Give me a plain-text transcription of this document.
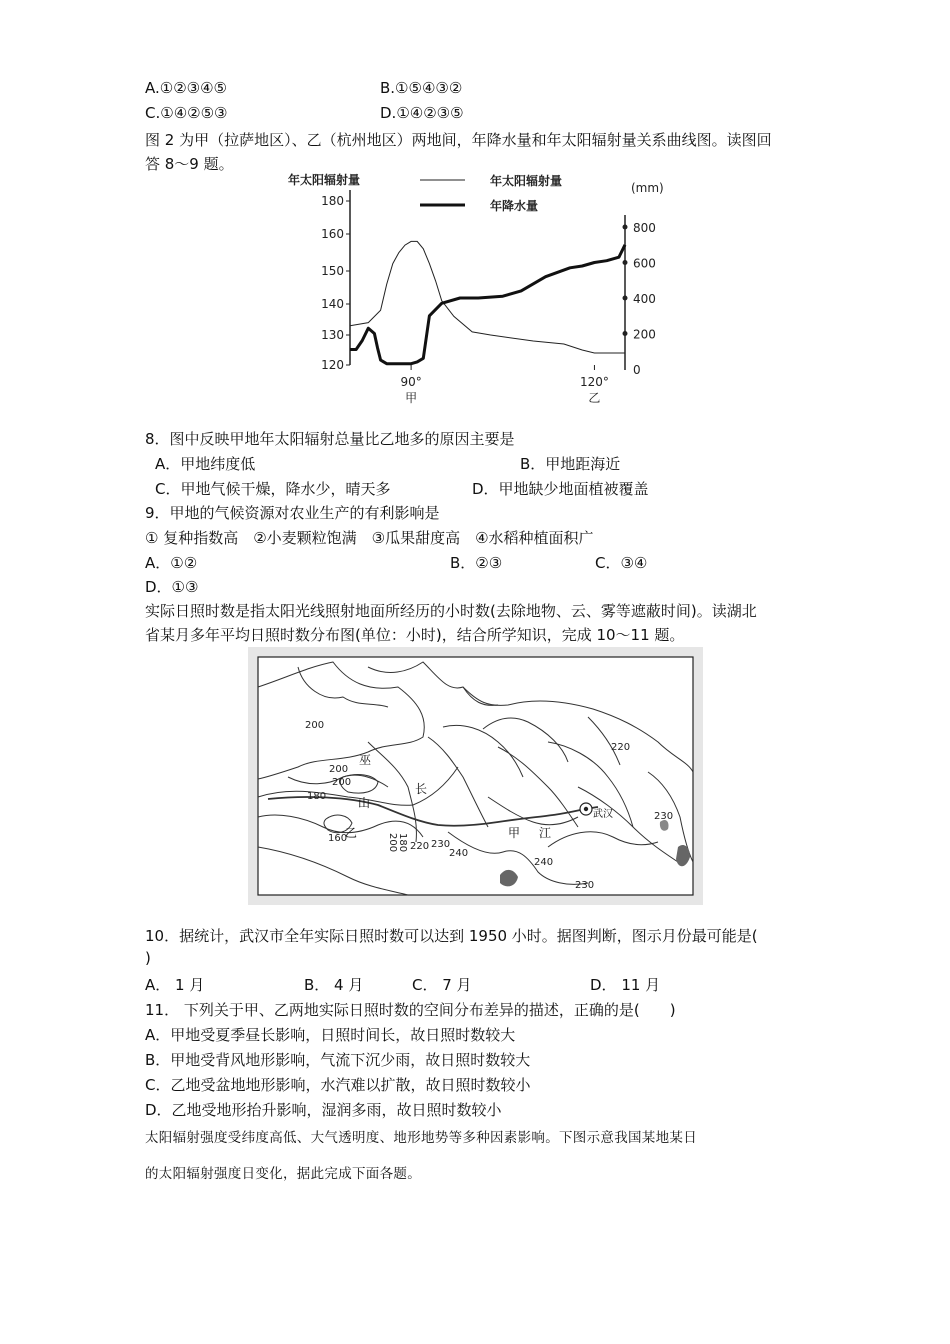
A.①②③④⑤	B.①⑤④③②
C.①④②⑤③	D.①④②③⑤
图 2 为甲（拉萨地区）、乙（杭州地区）两地间，年降水量和年太阳辐射量关系曲线图。读图回
答 8～9 题。
120
130
140
150
160
180
0
200
400
600
800
(mm)
年太阳辐射量
90°
甲
120°
乙
年太阳辐射量
年降水量
8．图中反映甲地年太阳辐射总量比乙地多的原因主要是
A．甲地纬度低	B．甲地距海近
C．甲地气候干燥，降水少，晴天多	D．甲地缺少地面植被覆盖
9．甲地的气候资源对农业生产的有利影响是
① 复种指数高　②小麦颗粒饱满　③瓜果甜度高　④水稻种植面积广
A．①②	B．②③	C．③④
D．①③
实际日照时数是指太阳光线照射地面所经历的小时数(去除地物、云、雾等遮蔽时间)。读湖北
省某月多年平均日照时数分布图(单位：小时)，结合所学知识，完成 10～11 题。
200
200
200
180
160	200 180 220 230
240
240
230
220
230
巫
山
长
乙	甲 江
武汉
10．据统计，武汉市全年实际日照时数可以达到 1950 小时。据图判断，图示月份最可能是(
)
A． 1 月	B． 4 月	C． 7 月	D． 11 月
11． 下列关于甲、乙两地实际日照时数的空间分布差异的描述，正确的是(　　)
A．甲地受夏季昼长影响，日照时间长，故日照时数较大
B．甲地受背风地形影响，气流下沉少雨，故日照时数较大
C．乙地受盆地地形影响，水汽难以扩散，故日照时数较小
D．乙地受地形抬升影响，湿润多雨，故日照时数较小
太阳辐射强度受纬度高低、大气透明度、地形地势等多种因素影响。下图示意我国某地某日
的太阳辐射强度日变化，据此完成下面各题。
